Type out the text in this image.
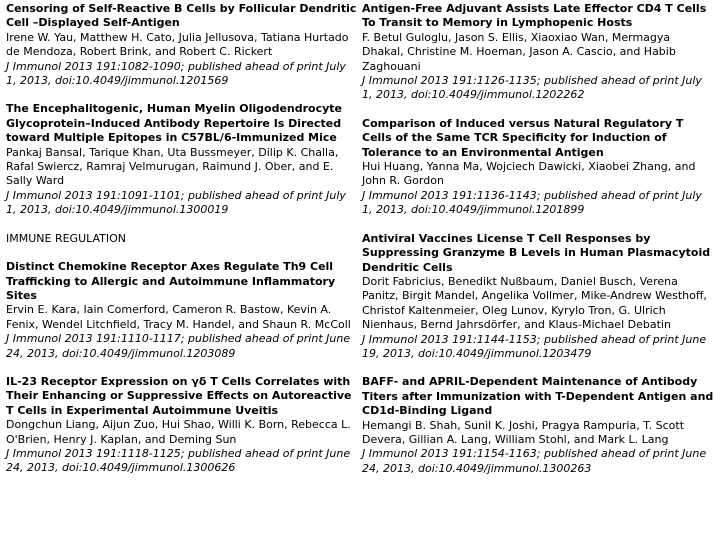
Censoring of Self-Reactive B Cells by Follicular Dendritic Cell –Displayed Self-Antigen
Irene W. Yau, Matthew H. Cato, Julia Jellusova, Tatiana Hurtado de Mendoza, Robert Brink, and Robert C. Rickert
J Immunol 2013 191:1082-1090; published ahead of print July 1, 2013, doi:10.4049/jimmunol.1201569
The Encephalitogenic, Human Myelin Oligodendrocyte Glycoprotein–Induced Antibody Repertoire Is Directed toward Multiple Epitopes in C57BL/6-Immunized Mice
Pankaj Bansal, Tarique Khan, Uta Bussmeyer, Dilip K. Challa, Rafal Swiercz, Ramraj Velmurugan, Raimund J. Ober, and E. Sally Ward
J Immunol 2013 191:1091-1101; published ahead of print July 1, 2013, doi:10.4049/jimmunol.1300019
IMMUNE REGULATION
Distinct Chemokine Receptor Axes Regulate Th9 Cell Trafficking to Allergic and Autoimmune Inflammatory Sites
Ervin E. Kara, Iain Comerford, Cameron R. Bastow, Kevin A. Fenix, Wendel Litchfield, Tracy M. Handel, and Shaun R. McColl
J Immunol 2013 191:1110-1117; published ahead of print June 24, 2013, doi:10.4049/jimmunol.1203089
IL-23 Receptor Expression on γδ T Cells Correlates with Their Enhancing or Suppressive Effects on Autoreactive T Cells in Experimental Autoimmune Uveitis
Dongchun Liang, Aijun Zuo, Hui Shao, Willi K. Born, Rebecca L. O'Brien, Henry J. Kaplan, and Deming Sun
J Immunol 2013 191:1118-1125; published ahead of print June 24, 2013, doi:10.4049/jimmunol.1300626
Antigen-Free Adjuvant Assists Late Effector CD4 T Cells To Transit to Memory in Lymphopenic Hosts
F. Betul Guloglu, Jason S. Ellis, Xiaoxiao Wan, Mermagya Dhakal, Christine M. Hoeman, Jason A. Cascio, and Habib Zaghouani
J Immunol 2013 191:1126-1135; published ahead of print July 1, 2013, doi:10.4049/jimmunol.1202262
Comparison of Induced versus Natural Regulatory T Cells of the Same TCR Specificity for Induction of Tolerance to an Environmental Antigen
Hui Huang, Yanna Ma, Wojciech Dawicki, Xiaobei Zhang, and John R. Gordon
J Immunol 2013 191:1136-1143; published ahead of print July 1, 2013, doi:10.4049/jimmunol.1201899
Antiviral Vaccines License T Cell Responses by Suppressing Granzyme B Levels in Human Plasmacytoid Dendritic Cells
Dorit Fabricius, Benedikt Nußbaum, Daniel Busch, Verena Panitz, Birgit Mandel, Angelika Vollmer, Mike-Andrew Westhoff, Christof Kaltenmeier, Oleg Lunov, Kyrylo Tron, G. Ulrich Nienhaus, Bernd Jahrsdörfer, and Klaus-Michael Debatin
J Immunol 2013 191:1144-1153; published ahead of print June 19, 2013, doi:10.4049/jimmunol.1203479
BAFF- and APRIL-Dependent Maintenance of Antibody Titers after Immunization with T-Dependent Antigen and CD1d-Binding Ligand
Hemangi B. Shah, Sunil K. Joshi, Pragya Rampuria, T. Scott Devera, Gillian A. Lang, William Stohl, and Mark L. Lang
J Immunol 2013 191:1154-1163; published ahead of print June 24, 2013, doi:10.4049/jimmunol.1300263
